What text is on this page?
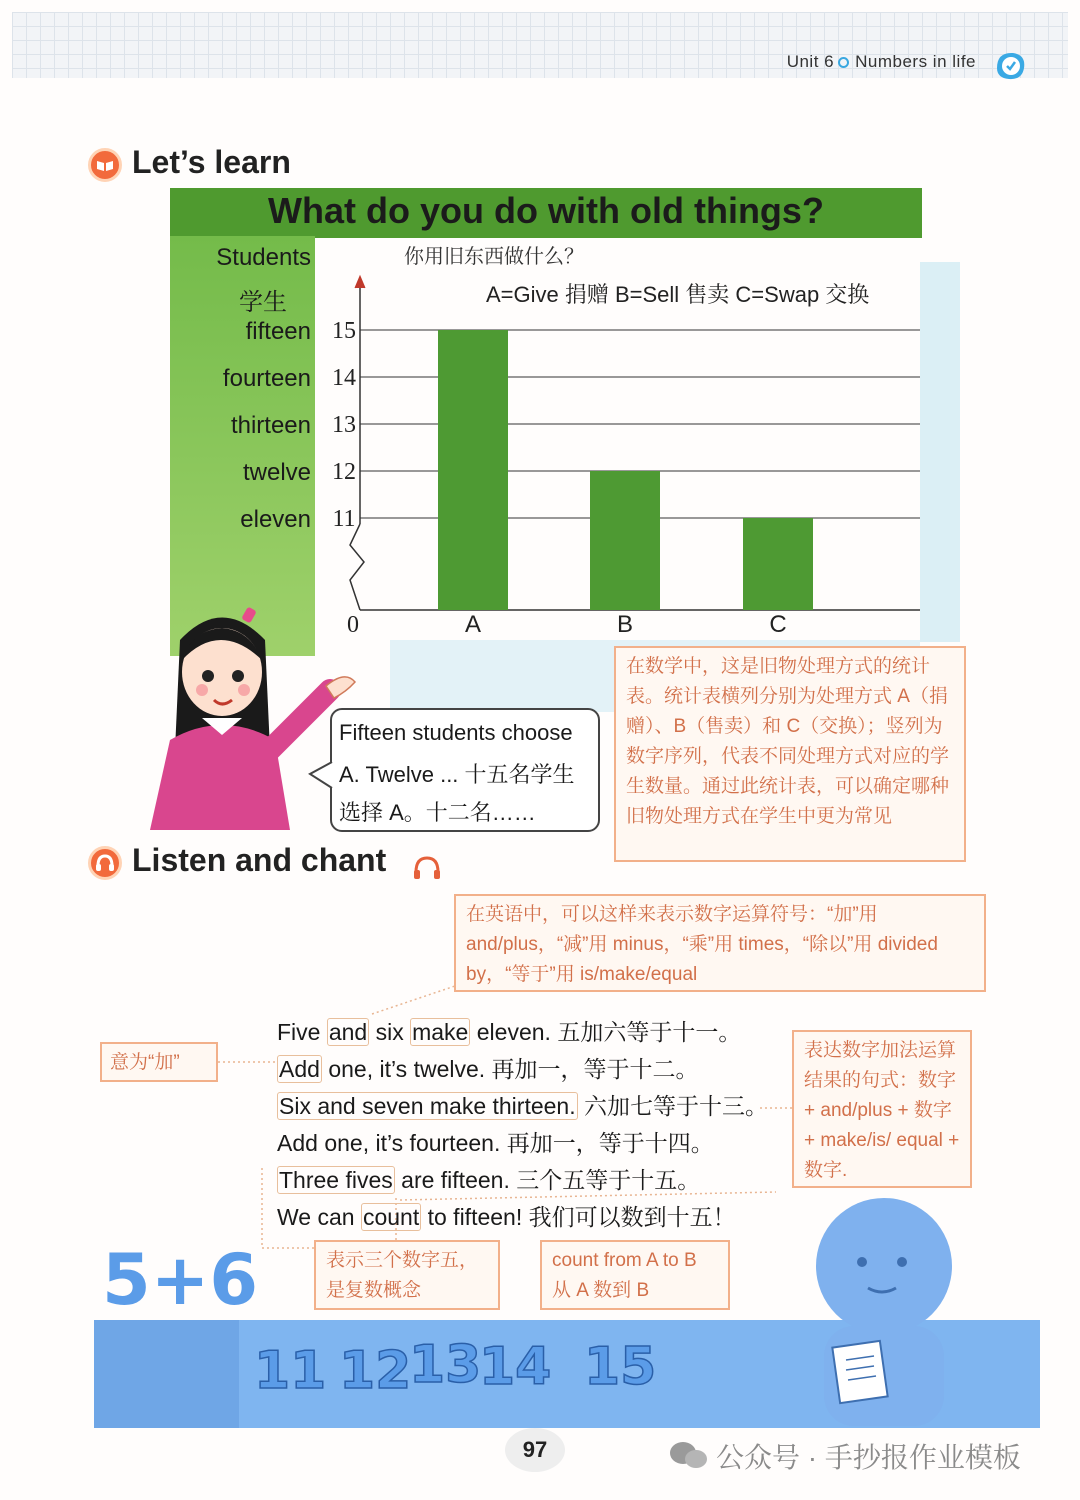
Unit 6 Numbers in life
Let’s learn
What do you do with old things?
Students
学生
fifteen
fourteen
thirteen
twelve
eleven 11
12
13
14
15
0	A	B	C
你用旧东西做什么？
A=Give 捐赠 B=Sell 售卖 C=Swap 交换
Fifteen students choose
A. Twelve ... 十五名学生
选择 A。十二名……
在数学中，这是旧物处理方式的统计表。统计表横列分别为处理方式 A（捐赠）、B（售卖）和 C（交换）；竖列为数字序列，代表不同处理方式对应的学生数量。通过此统计表，可以确定哪种旧物处理方式在学生中更为常见
Listen and chant
在英语中，可以这样来表示数字运算符号：“加”用 and/plus，“减”用 minus，“乘”用 times，“除以”用 divided by，“等于”用 is/make/equal
意为“加”
表达数字加法运算结果的句式：数字 + and/plus + 数字 + make/is/ equal + 数字.
表示三个数字五，是复数概念
count from A to B 从 A 数到 B
Five and six make eleven. 五加六等于十一。
Add one, it’s twelve. 再加一，等于十二。
Six and seven make thirteen. 六加七等于十三。
Add one, it’s fourteen. 再加一，等于十四。
Three fives are fifteen. 三个五等于十五。
We can count to fifteen! 我们可以数到十五！
5+6
11 12
13
14 15
97	公众号 · 手抄报作业模板
